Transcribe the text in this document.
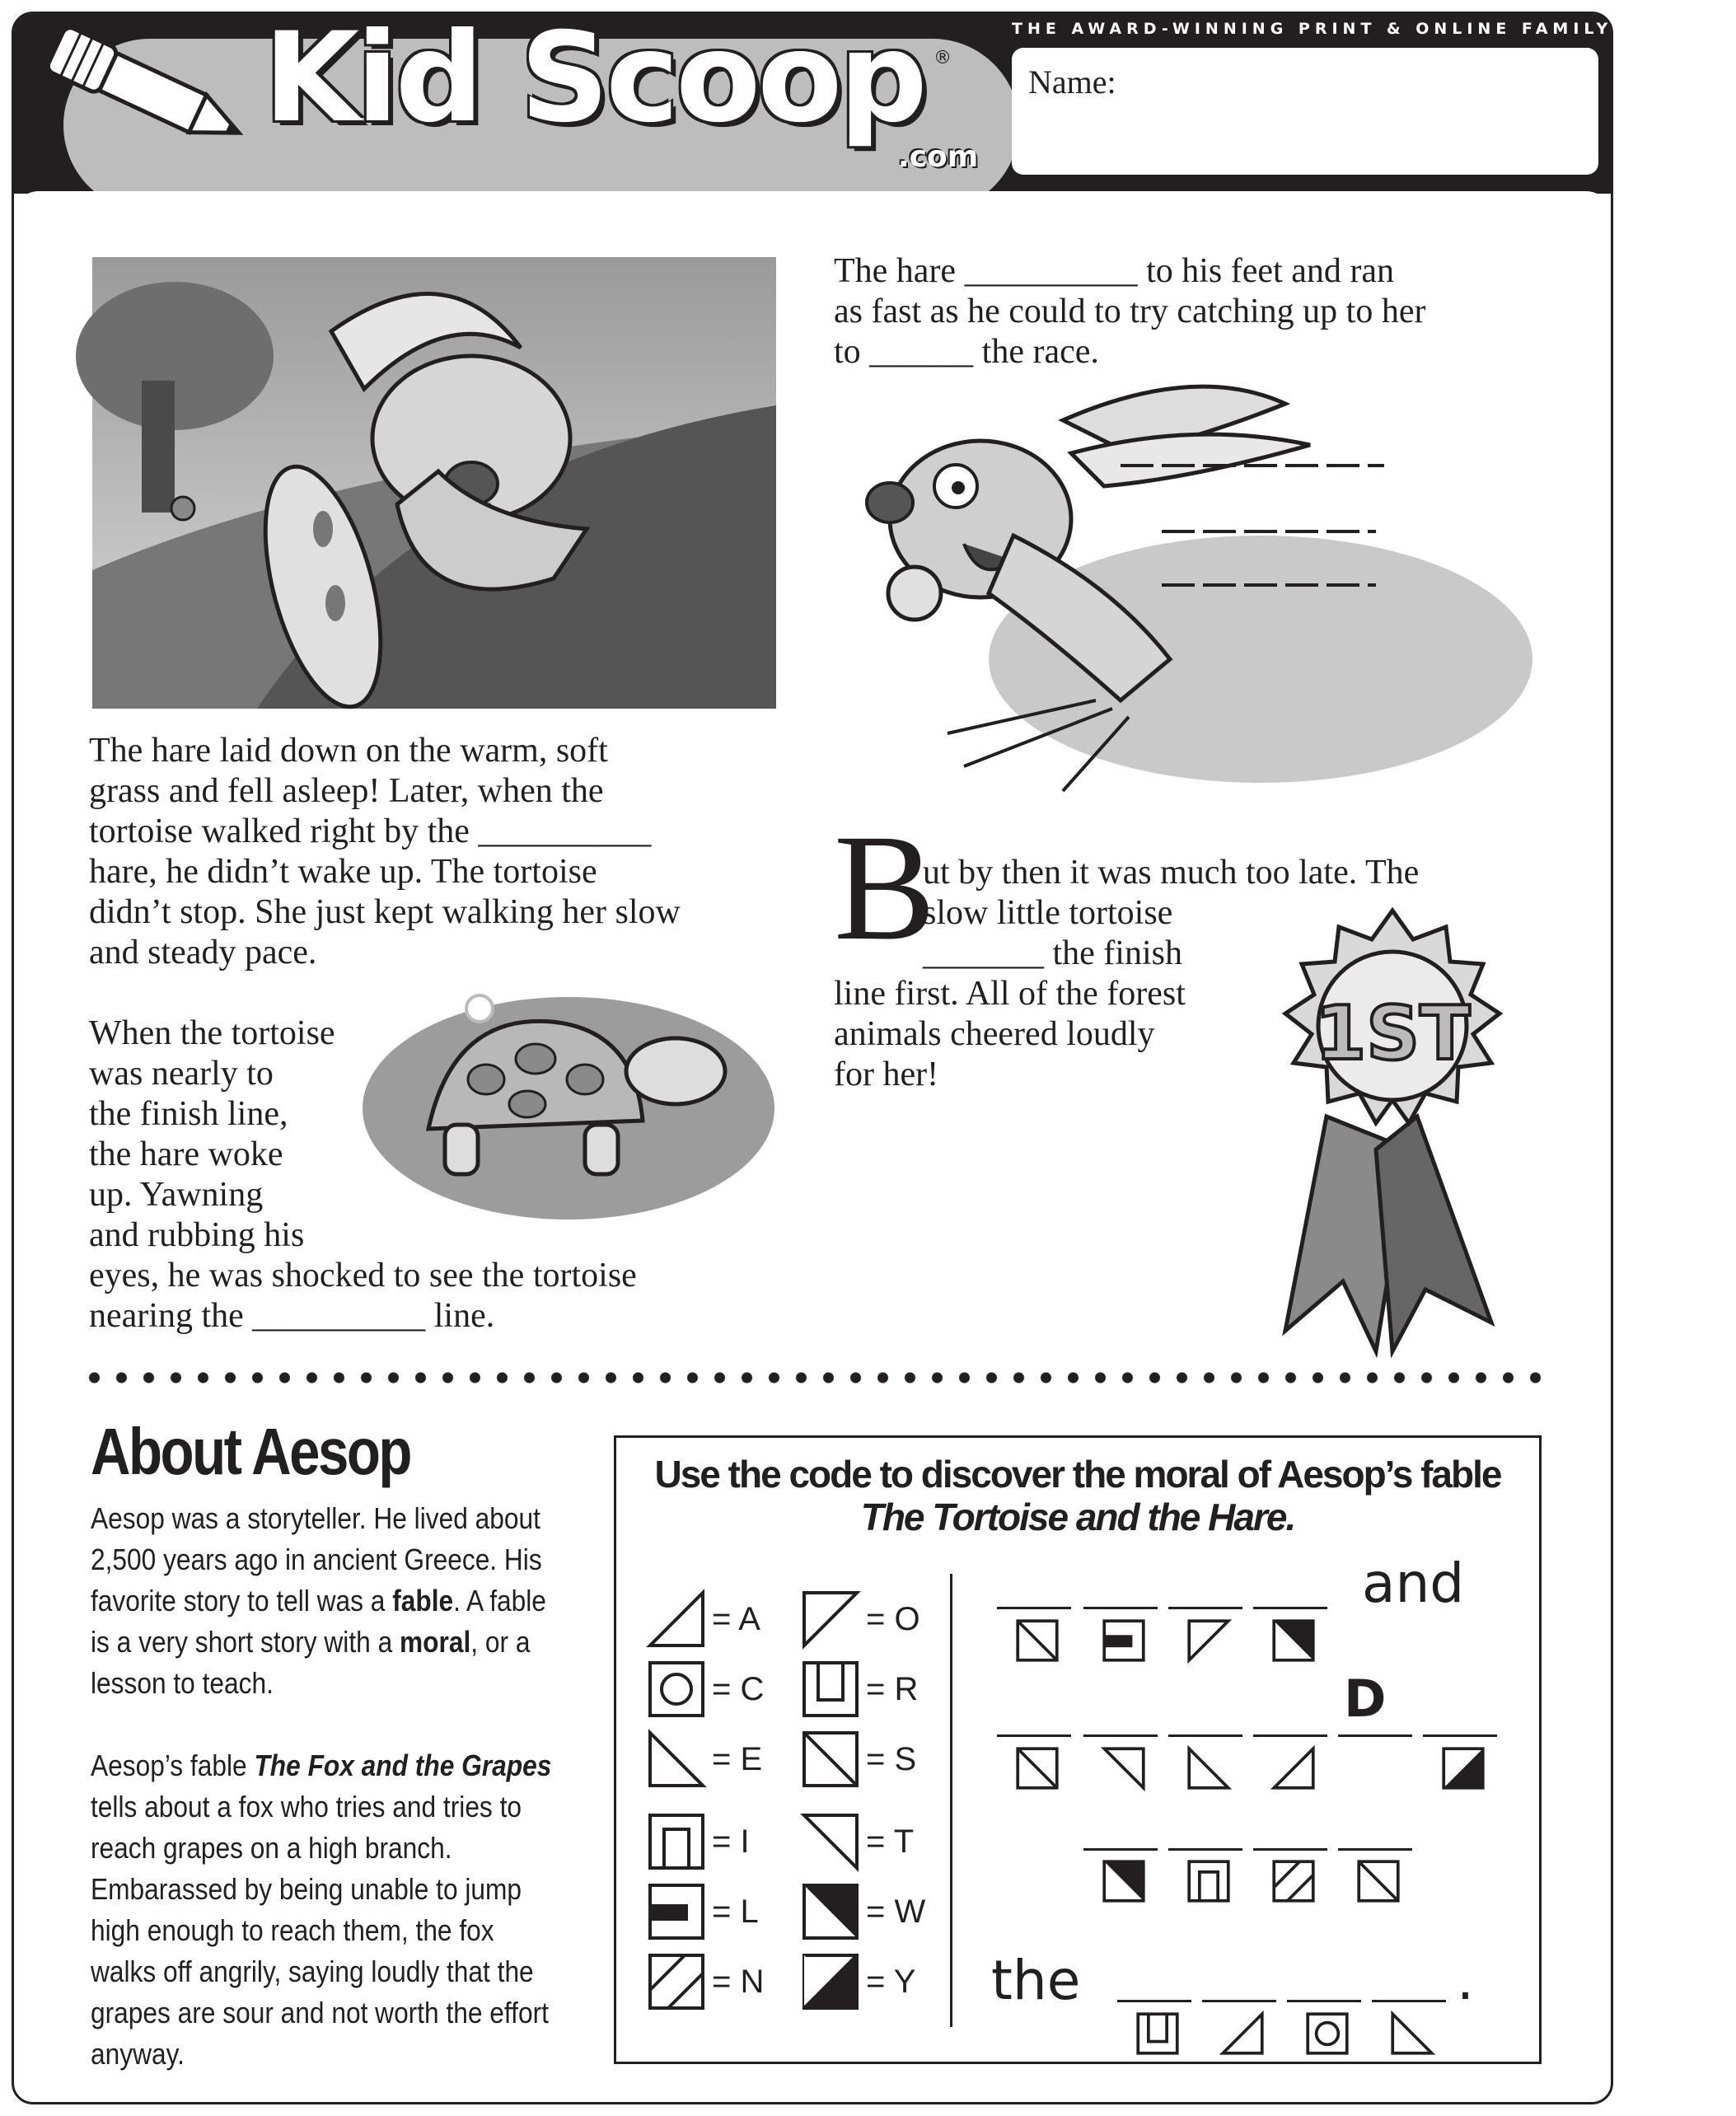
Kid Scoop ®
.com
THE AWARD-WINNING PRINT & ONLINE FAMILY FEATURE
Name:
1ST
The hare __________ to his feet and ran
as fast as he could to try catching up to her
to ______ the race.
The hare laid down on the warm, soft
grass and fell asleep! Later, when the
tortoise walked right by the __________
hare, he didn’t wake up. The tortoise
didn’t stop. She just kept walking her slow
and steady pace.
When the tortoise
was nearly to
the finish line,
the hare woke
up. Yawning
and rubbing his
eyes, he was shocked to see the tortoise
nearing the __________ line.
B
ut by then it was much too late. The
slow little tortoise
_______ the finish
line first. All of the forest
animals cheered loudly
for her!
About Aesop

Aesop was a storyteller. He lived about 2,500 years ago in ancient Greece. His favorite story to tell was a fable. A fable is a very short story with a moral, or a lesson to teach.

Aesop’s fable The Fox and the Grapes tells about a fox who tries and tries to reach grapes on a high branch. Embarassed by being unable to jump high enough to reach them, the fox walks off angrily, saying loudly that the grapes are sour and not worth the effort anyway.

Use the code to discover the moral of Aesop’s fable
The Tortoise and the Hare.
= A
= C
= E
= I
= L
= N
= O
= R
= S
= T
= W
= Y
and
D
the	.
